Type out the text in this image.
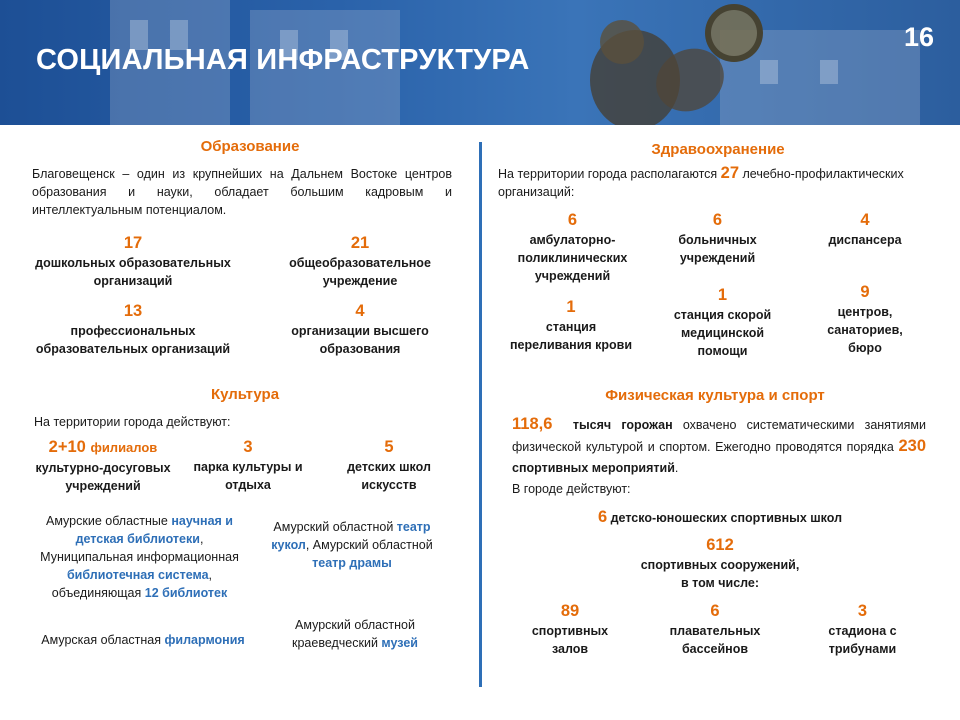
СОЦИАЛЬНАЯ ИНФРАСТРУКТУРА
16
Образование
Благовещенск – один из крупнейших на Дальнем Востоке центров образования и науки, обладает большим кадровым и интеллектуальным потенциалом.
17
дошкольных образовательных организаций
21
общеобразовательное учреждение
13
профессиональных образовательных организаций
4
организации высшего образования
Культура
На территории города действуют:
2+10 филиалов
культурно-досуговых учреждений
3
парка культуры и отдыха
5
детских школ искусств
Амурские областные научная и детская библиотеки, Муниципальная информационная библиотечная система, объединяющая 12 библиотек
Амурский областной театр кукол, Амурский областной театр драмы
Амурская областная филармония
Амурский областной краеведческий музей
Здравоохранение
На территории города располагаются 27 лечебно-профилактических организаций:
6
амбулаторно-поликлинических учреждений
6
больничных учреждений
4
диспансера
1
станция переливания крови
1
станция скорой медицинской помощи
9
центров, санаториев, бюро
Физическая культура и спорт
118,6 тысяч горожан охвачено систематическими занятиями физической культурой и спортом. Ежегодно проводятся порядка 230 спортивных мероприятий.
В городе действуют:
6 детско-юношеских спортивных школ
612
спортивных сооружений,
в том числе:
89
спортивных залов
6
плавательных бассейнов
3
стадиона с трибунами
